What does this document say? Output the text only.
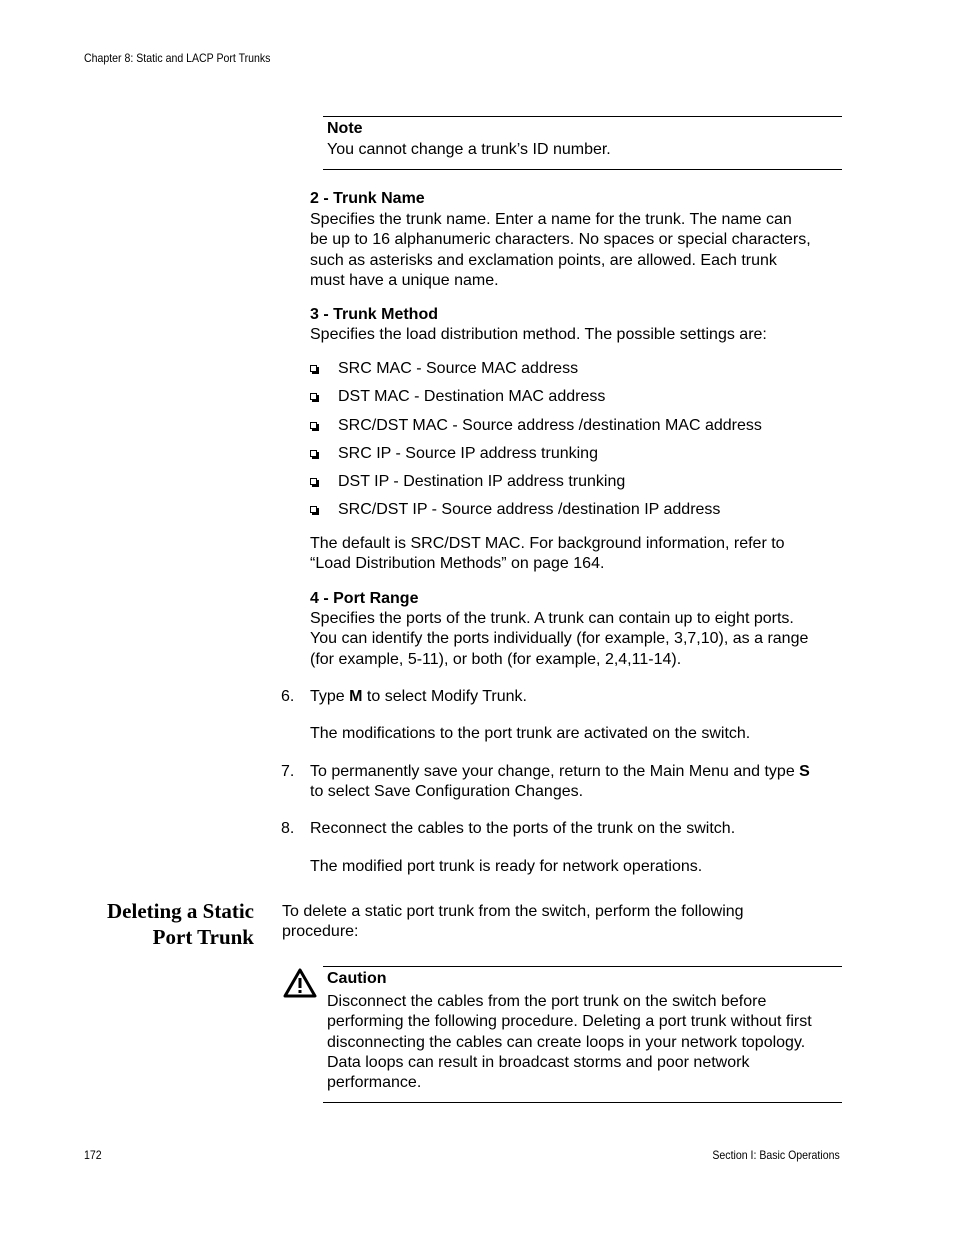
Chapter 8: Static and LACP Port Trunks
Note
You cannot change a trunk’s ID number.
2 - Trunk Name
Specifies the trunk name. Enter a name for the trunk. The name can
be up to 16 alphanumeric characters. No spaces or special characters,
such as asterisks and exclamation points, are allowed. Each trunk
must have a unique name.
3 - Trunk Method
Specifies the load distribution method. The possible settings are:
SRC MAC - Source MAC address
DST MAC - Destination MAC address
SRC/DST MAC - Source address /destination MAC address
SRC IP - Source IP address trunking
DST IP - Destination IP address trunking
SRC/DST IP - Source address /destination IP address
The default is SRC/DST MAC. For background information, refer to
“Load Distribution Methods” on page 164.
4 - Port Range
Specifies the ports of the trunk. A trunk can contain up to eight ports.
You can identify the ports individually (for example, 3,7,10), as a range
(for example, 5-11), or both (for example, 2,4,11-14).
6. Type M to select Modify Trunk.
The modifications to the port trunk are activated on the switch.
7. To permanently save your change, return to the Main Menu and type S
to select Save Configuration Changes.
8. Reconnect the cables to the ports of the trunk on the switch.
The modified port trunk is ready for network operations.
Deleting a Static
Port Trunk
To delete a static port trunk from the switch, perform the following
procedure:
Caution
Disconnect the cables from the port trunk on the switch before
performing the following procedure. Deleting a port trunk without first
disconnecting the cables can create loops in your network topology.
Data loops can result in broadcast storms and poor network
performance.
172	Section I: Basic Operations
